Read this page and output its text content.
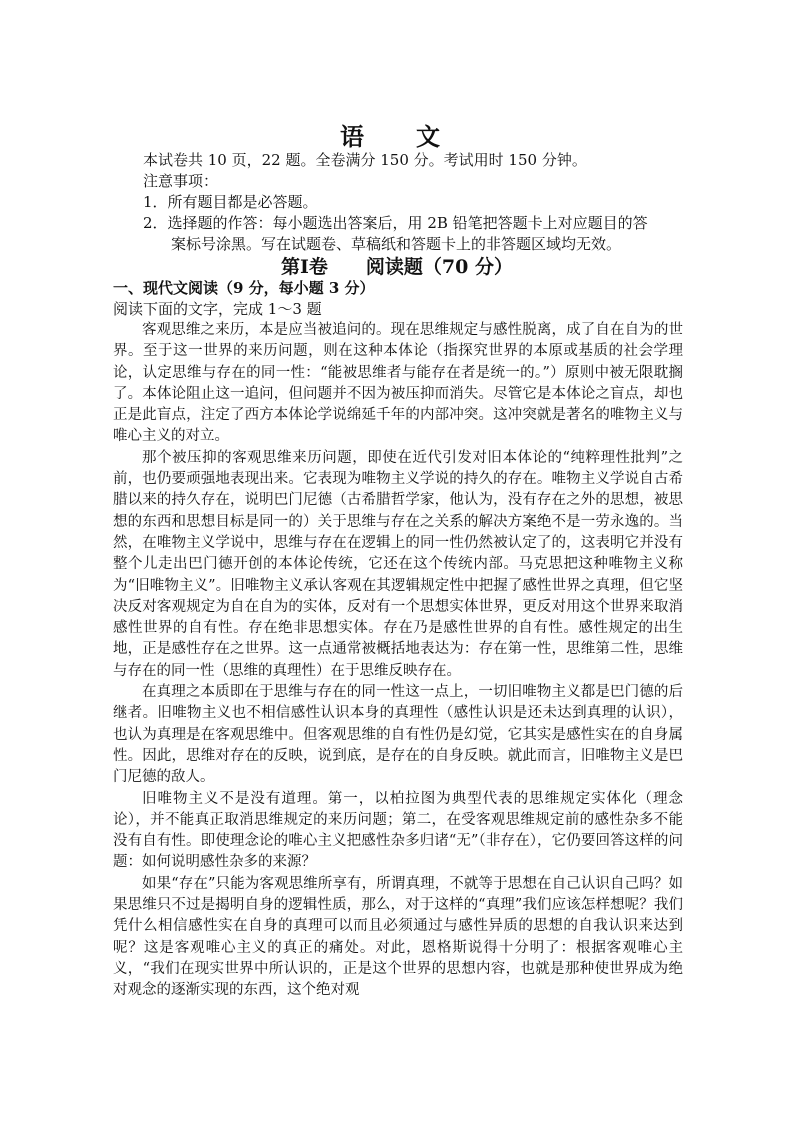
语　文

本试卷共 10 页，22 题。全卷满分 150 分。考试用时 150 分钟。

注意事项：

1．所有题目都是必答题。

2．选择题的作答：每小题选出答案后，用 2B 铅笔把答题卡上对应题目的答

案标号涂黑。写在试题卷、草稿纸和答题卡上的非答题区域均无效。

第Ⅰ卷　　阅读题（70 分）
一、现代文阅读（9 分，每小题 3 分）
阅读下面的文字，完成 1～3 题

客观思维之来历，本是应当被追问的。现在思维规定与感性脱离，成了自在自为的世界。至于这一世界的来历问题，则在这种本体论（指探究世界的本原或基质的社会学理论，认定思维与存在的同一性：“能被思维者与能存在者是统一的。”）原则中被无限耽搁了。本体论阻止这一追问，但问题并不因为被压抑而消失。尽管它是本体论之盲点，却也正是此盲点，注定了西方本体论学说绵延千年的内部冲突。这冲突就是著名的唯物主义与唯心主义的对立。

那个被压抑的客观思维来历问题，即使在近代引发对旧本体论的“纯粹理性批判”之前，也仍要顽强地表现出来。它表现为唯物主义学说的持久的存在。唯物主义学说自古希腊以来的持久存在，说明巴门尼德（古希腊哲学家，他认为，没有存在之外的思想，被思想的东西和思想目标是同一的）关于思维与存在之关系的解决方案绝不是一劳永逸的。当然，在唯物主义学说中，思维与存在在逻辑上的同一性仍然被认定了的，这表明它并没有整个儿走出巴门德开创的本体论传统，它还在这个传统内部。马克思把这种唯物主义称为“旧唯物主义”。旧唯物主义承认客观在其逻辑规定性中把握了感性世界之真理，但它坚决反对客观规定为自在自为的实体，反对有一个思想实体世界，更反对用这个世界来取消感性世界的自有性。存在绝非思想实体。存在乃是感性世界的自有性。感性规定的出生地，正是感性存在之世界。这一点通常被概括地表达为：存在第一性，思维第二性，思维与存在的同一性（思维的真理性）在于思维反映存在。

在真理之本质即在于思维与存在的同一性这一点上，一切旧唯物主义都是巴门德的后继者。旧唯物主义也不相信感性认识本身的真理性（感性认识是还未达到真理的认识），也认为真理是在客观思维中。但客观思维的自有性仍是幻觉，它其实是感性实在的自身属性。因此，思维对存在的反映，说到底，是存在的自身反映。就此而言，旧唯物主义是巴门尼德的敌人。

旧唯物主义不是没有道理。第一，以柏拉图为典型代表的思维规定实体化（理念论），并不能真正取消思维规定的来历问题；第二，在受客观思维规定前的感性杂多不能没有自有性。即使理念论的唯心主义把感性杂多归诸“无”（非存在），它仍要回答这样的问题：如何说明感性杂多的来源？

如果“存在”只能为客观思维所享有，所谓真理，不就等于思想在自己认识自己吗？如果思维只不过是揭明自身的逻辑性质，那么，对于这样的“真理”我们应该怎样想呢？我们凭什么相信感性实在自身的真理可以而且必须通过与感性异质的思想的自我认识来达到呢？这是客观唯心主义的真正的痛处。对此，恩格斯说得十分明了：根据客观唯心主义，“我们在现实世界中所认识的，正是这个世界的思想内容，也就是那种使世界成为绝对观念的逐渐实现的东西，这个绝对观
